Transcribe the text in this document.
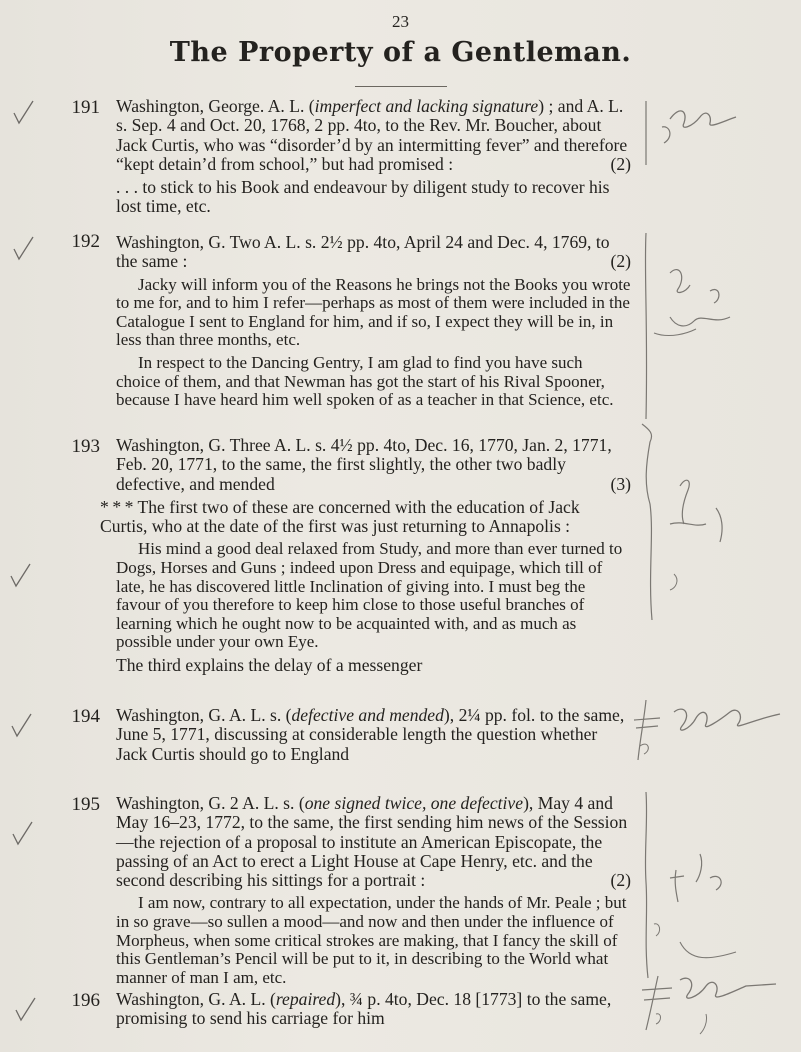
23
The Property of a Gentleman.
191 Washington, George. A. L. (imperfect and lacking signature) ; and A. L. s. Sep. 4 and Oct. 20, 1768, 2 pp. 4to, to the Rev. Mr. Boucher, about Jack Curtis, who was “disorder’d by an intermitting fever” and therefore “kept detain’d from school,” but had promised :	(2)

. . . to stick to his Book and endeavour by diligent study to recover his lost time, etc.

192 Washington, G. Two A. L. s. 2½ pp. 4to, April 24 and Dec. 4, 1769, to the same :	(2)

Jacky will inform you of the Reasons he brings not the Books you wrote to me for, and to him I refer—perhaps as most of them were included in the Catalogue I sent to England for him, and if so, I expect they will be in, in less than three months, etc.

In respect to the Dancing Gentry, I am glad to find you have such choice of them, and that Newman has got the start of his Rival Spooner, because I have heard him well spoken of as a teacher in that Science, etc.

193 Washington, G. Three A. L. s. 4½ pp. 4to, Dec. 16, 1770, Jan. 2, 1771, Feb. 20, 1771, to the same, the first slightly, the other two badly defective, and mended	(3)

* * * The first two of these are concerned with the education of Jack Curtis, who at the date of the first was just returning to Annapolis :

His mind a good deal relaxed from Study, and more than ever turned to Dogs, Horses and Guns ; indeed upon Dress and equipage, which till of late, he has discovered little Inclination of giving into. I must beg the favour of you therefore to keep him close to those useful branches of learning which he ought now to be acquainted with, and as much as possible under your own Eye.

The third explains the delay of a messenger

194 Washington, G. A. L. s. (defective and mended), 2¼ pp. fol. to the same, June 5, 1771, discussing at considerable length the question whether Jack Curtis should go to England

195 Washington, G. 2 A. L. s. (one signed twice, one defective), May 4 and May 16–23, 1772, to the same, the first sending him news of the Session—the rejection of a proposal to institute an American Episcopate, the passing of an Act to erect a Light House at Cape Henry, etc. and the second describing his sittings for a portrait :	(2)

I am now, contrary to all expectation, under the hands of Mr. Peale ; but in so grave—so sullen a mood—and now and then under the influence of Morpheus, when some critical strokes are making, that I fancy the skill of this Gentleman’s Pencil will be put to it, in describing to the World what manner of man I am, etc.

196 Washington, G. A. L. (repaired), ¾ p. 4to, Dec. 18 [1773] to the same, promising to send his carriage for him
